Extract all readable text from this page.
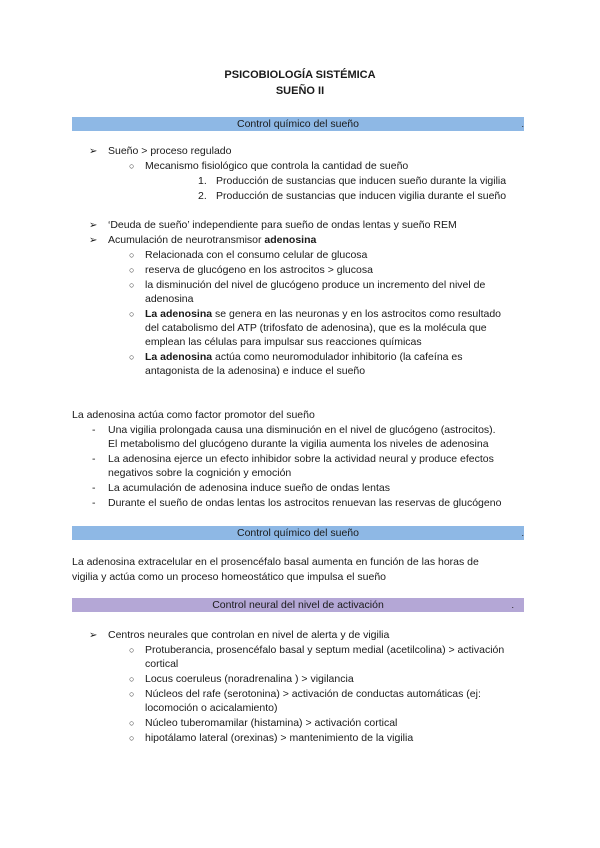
PSICOBIOLOGÍA SISTÉMICA
SUEÑO II
Control químico del sueño	.
➢ Sueño > proceso regulado
○ Mecanismo fisiológico que controla la cantidad de sueño
1. Producción de sustancias que inducen sueño durante la vigilia
2. Producción de sustancias que inducen vigilia durante el sueño
➢ ‘Deuda de sueño’ independiente para sueño de ondas lentas y sueño REM
➢ Acumulación de neurotransmisor adenosina
○ Relacionada con el consumo celular de glucosa
○ reserva de glucógeno en los astrocitos > glucosa
○ la disminución del nivel de glucógeno produce un incremento del nivel de
adenosina
○ La adenosina se genera en las neuronas y en los astrocitos como resultado
del catabolismo del ATP (trifosfato de adenosina), que es la molécula que
emplean las células para impulsar sus reacciones químicas
○ La adenosina actúa como neuromodulador inhibitorio (la cafeína es
antagonista de la adenosina) e induce el sueño
La adenosina actúa como factor promotor del sueño
- Una vigilia prolongada causa una disminución en el nivel de glucógeno (astrocitos).
El metabolismo del glucógeno durante la vigilia aumenta los niveles de adenosina
- La adenosina ejerce un efecto inhibidor sobre la actividad neural y produce efectos
negativos sobre la cognición y emoción
- La acumulación de adenosina induce sueño de ondas lentas
- Durante el sueño de ondas lentas los astrocitos renuevan las reservas de glucógeno
Control químico del sueño	.
La adenosina extracelular en el prosencéfalo basal aumenta en función de las horas de
vigilia y actúa como un proceso homeostático que impulsa el sueño
Control neural del nivel de activación	.
➢ Centros neurales que controlan en nivel de alerta y de vigilia
○ Protuberancia, prosencéfalo basal y septum medial (acetilcolina) > activación
cortical
○ Locus coeruleus (noradrenalina ) > vigilancia
○ Núcleos del rafe (serotonina) > activación de conductas automáticas (ej:
locomoción o acicalamiento)
○ Núcleo tuberomamilar (histamina) > activación cortical
○ hipotálamo lateral (orexinas) > mantenimiento de la vigilia
